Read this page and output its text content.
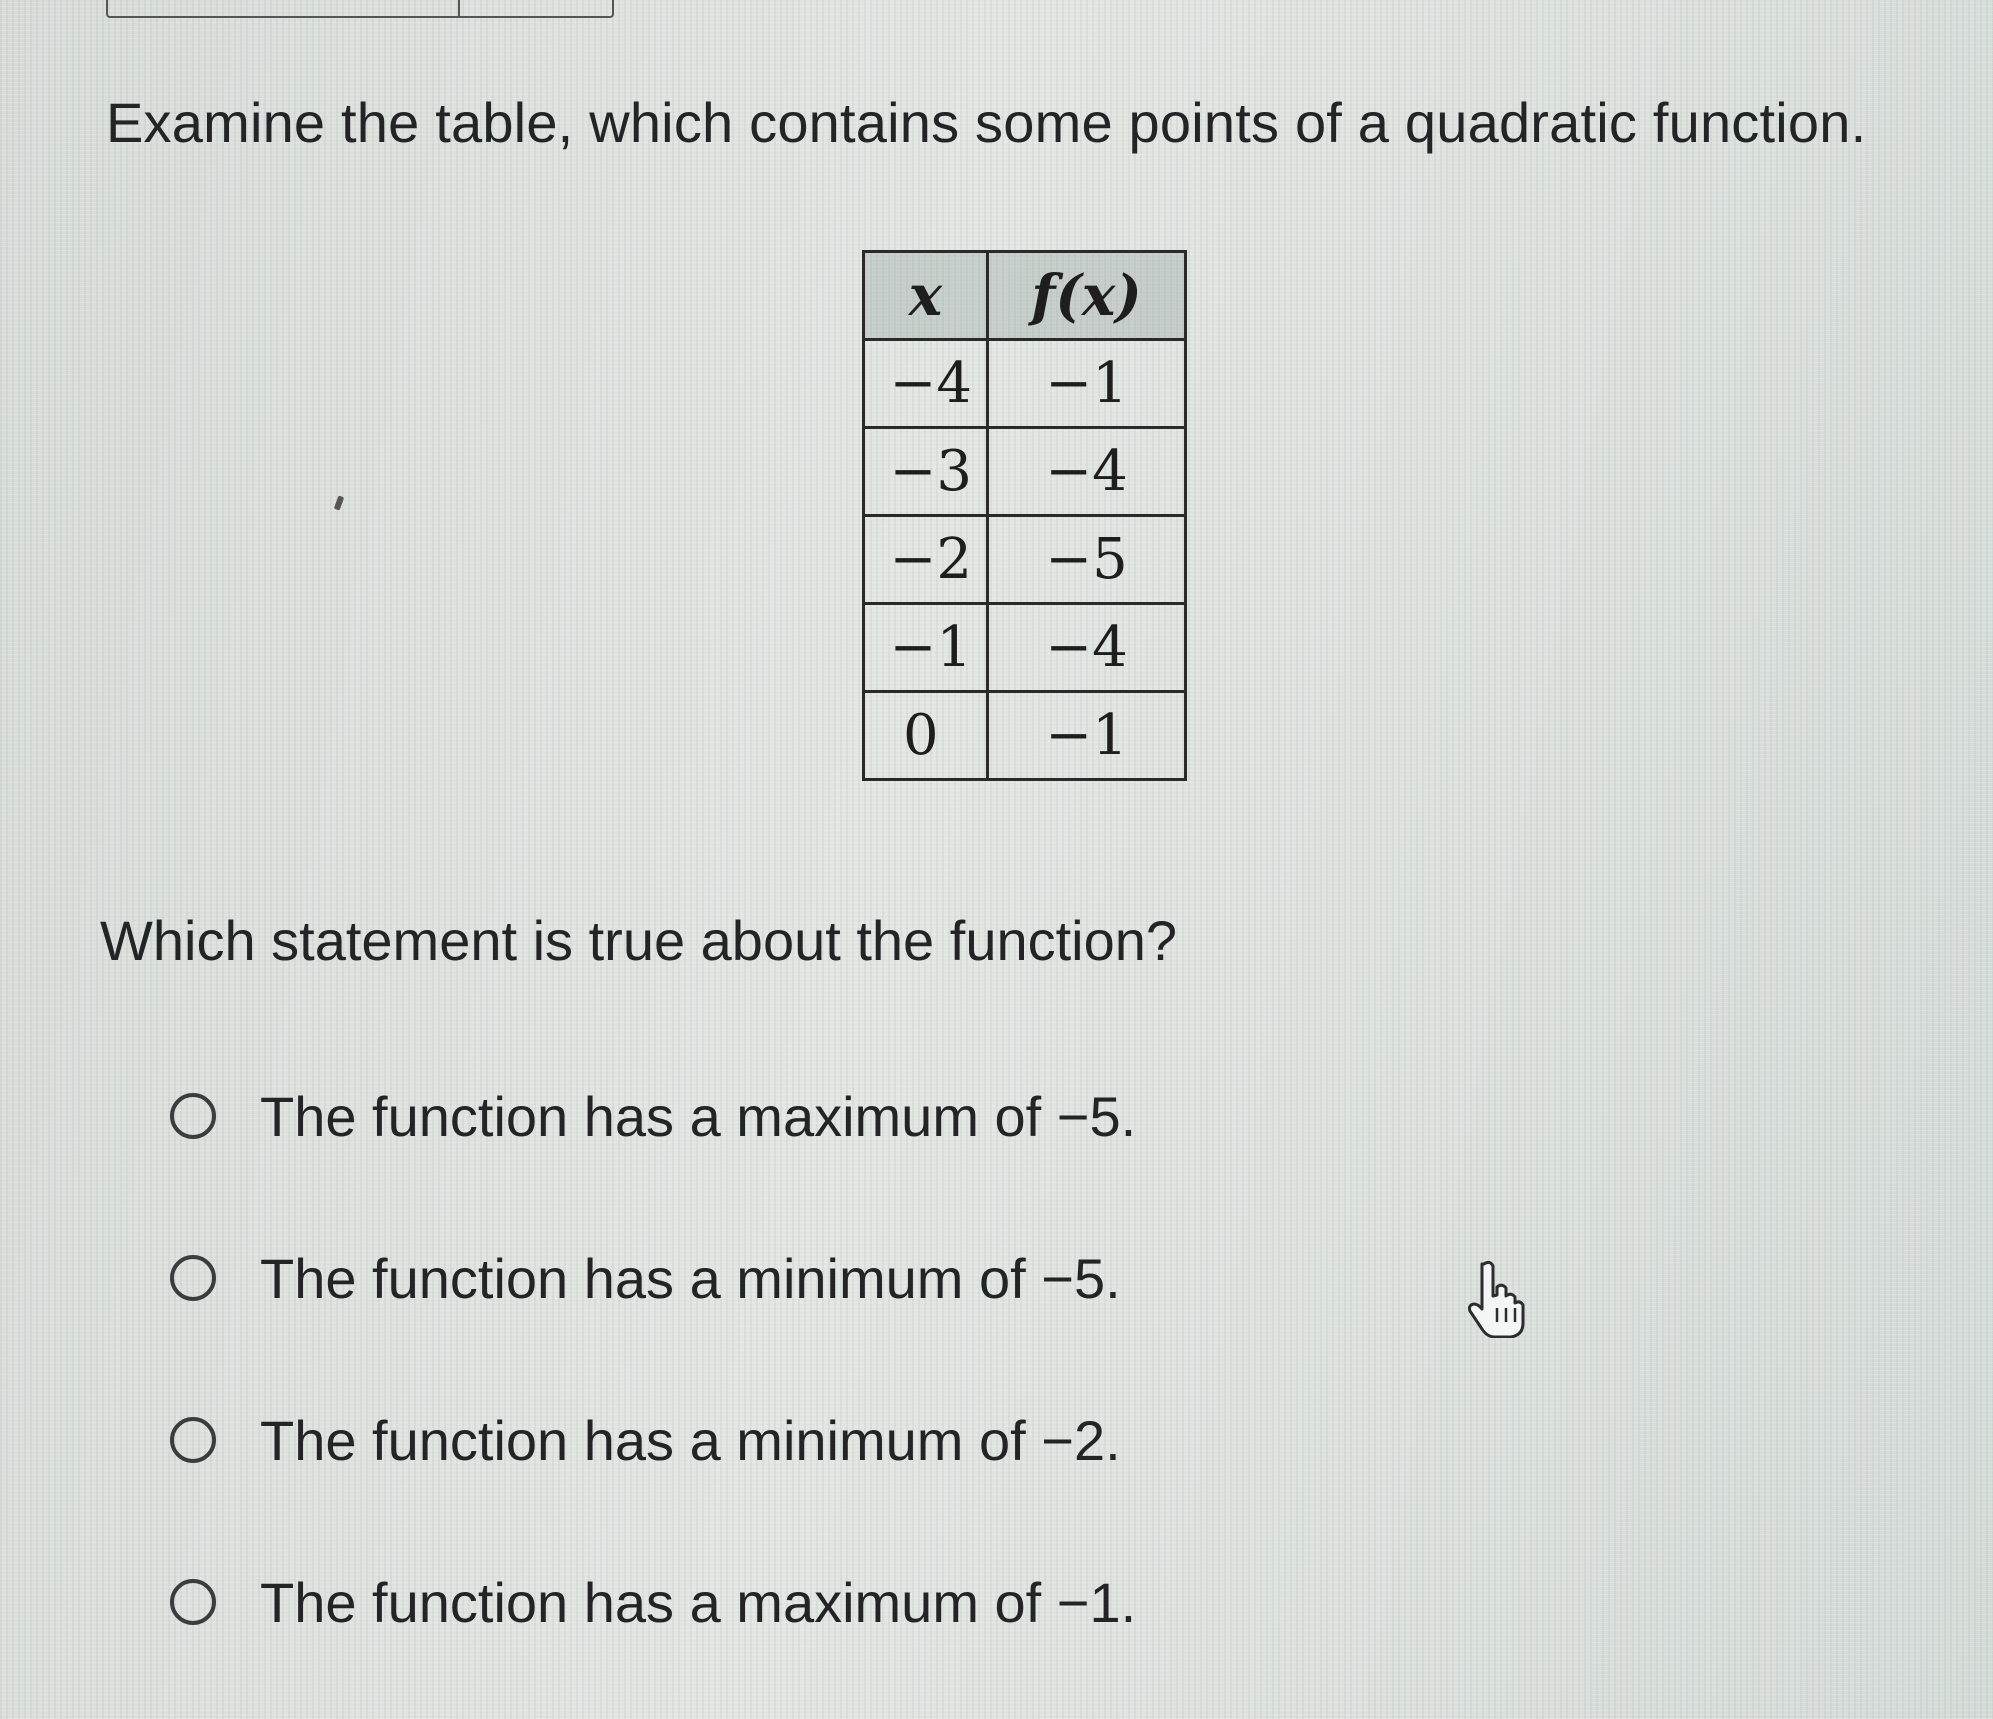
Examine the table, which contains some points of a quadratic function.
x	f(x)
−4	−1
−3	−4
−2	−5
−1	−4
0	−1
Which statement is true about the function?
The function has a maximum of −5.
The function has a minimum of −5.
The function has a minimum of −2.
The function has a maximum of −1.
